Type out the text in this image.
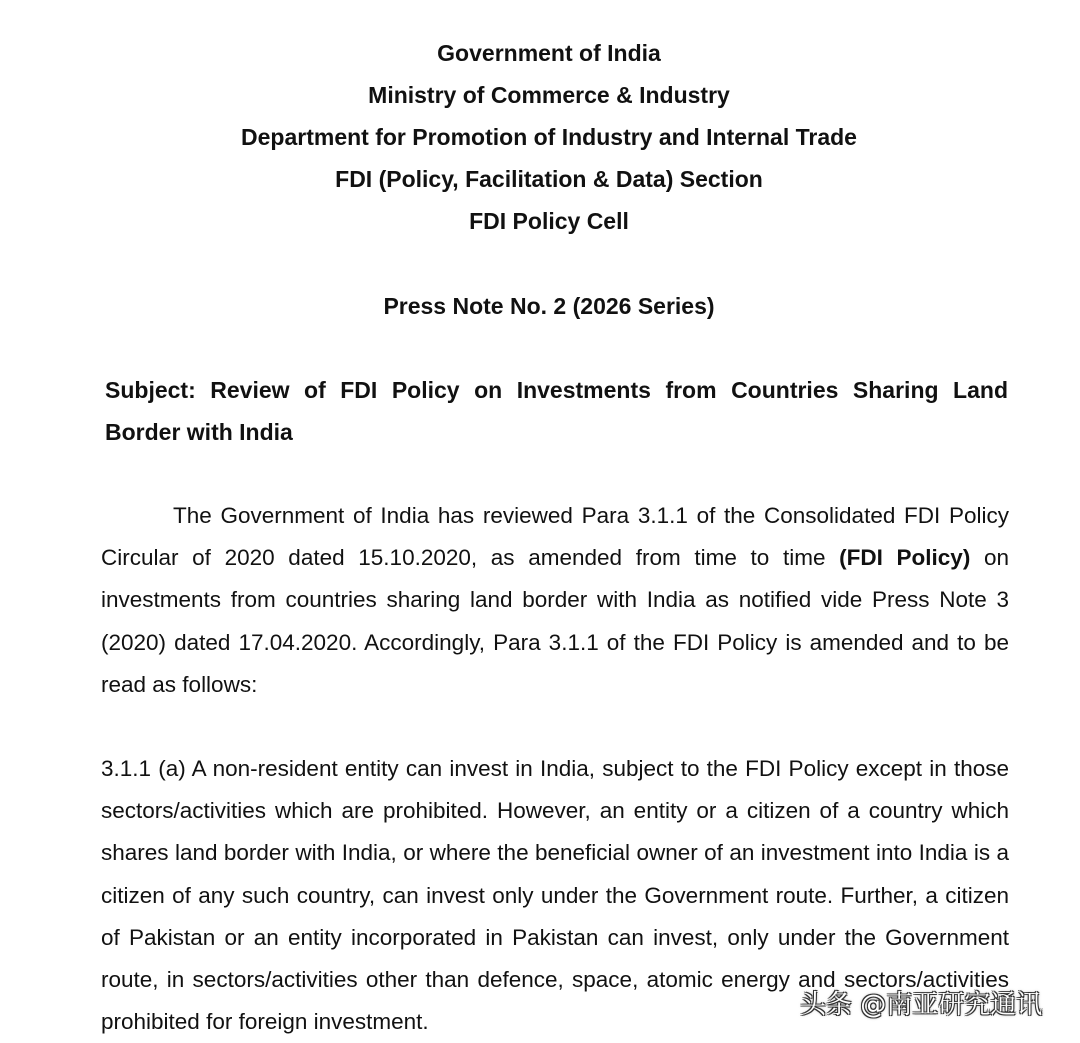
Government of India
Ministry of Commerce & Industry
Department for Promotion of Industry and Internal Trade
FDI (Policy, Facilitation & Data) Section
FDI Policy Cell
Press Note No. 2 (2026 Series)
Subject: Review of FDI Policy on Investments from Countries Sharing Land Border with India
The Government of India has reviewed Para 3.1.1 of the Consolidated FDI Policy Circular of 2020 dated 15.10.2020, as amended from time to time (FDI Policy) on investments from countries sharing land border with India as notified vide Press Note 3 (2020) dated 17.04.2020. Accordingly, Para 3.1.1 of the FDI Policy is amended and to be read as follows:
3.1.1 (a) A non-resident entity can invest in India, subject to the FDI Policy except in those sectors/activities which are prohibited. However, an entity or a citizen of a country which shares land border with India, or where the beneficial owner of an investment into India is a citizen of any such country, can invest only under the Government route. Further, a citizen of Pakistan or an entity incorporated in Pakistan can invest, only under the Government route, in sectors/activities other than defence, space, atomic energy and sectors/activities prohibited for foreign investment.
头条 @南亚研究通讯
